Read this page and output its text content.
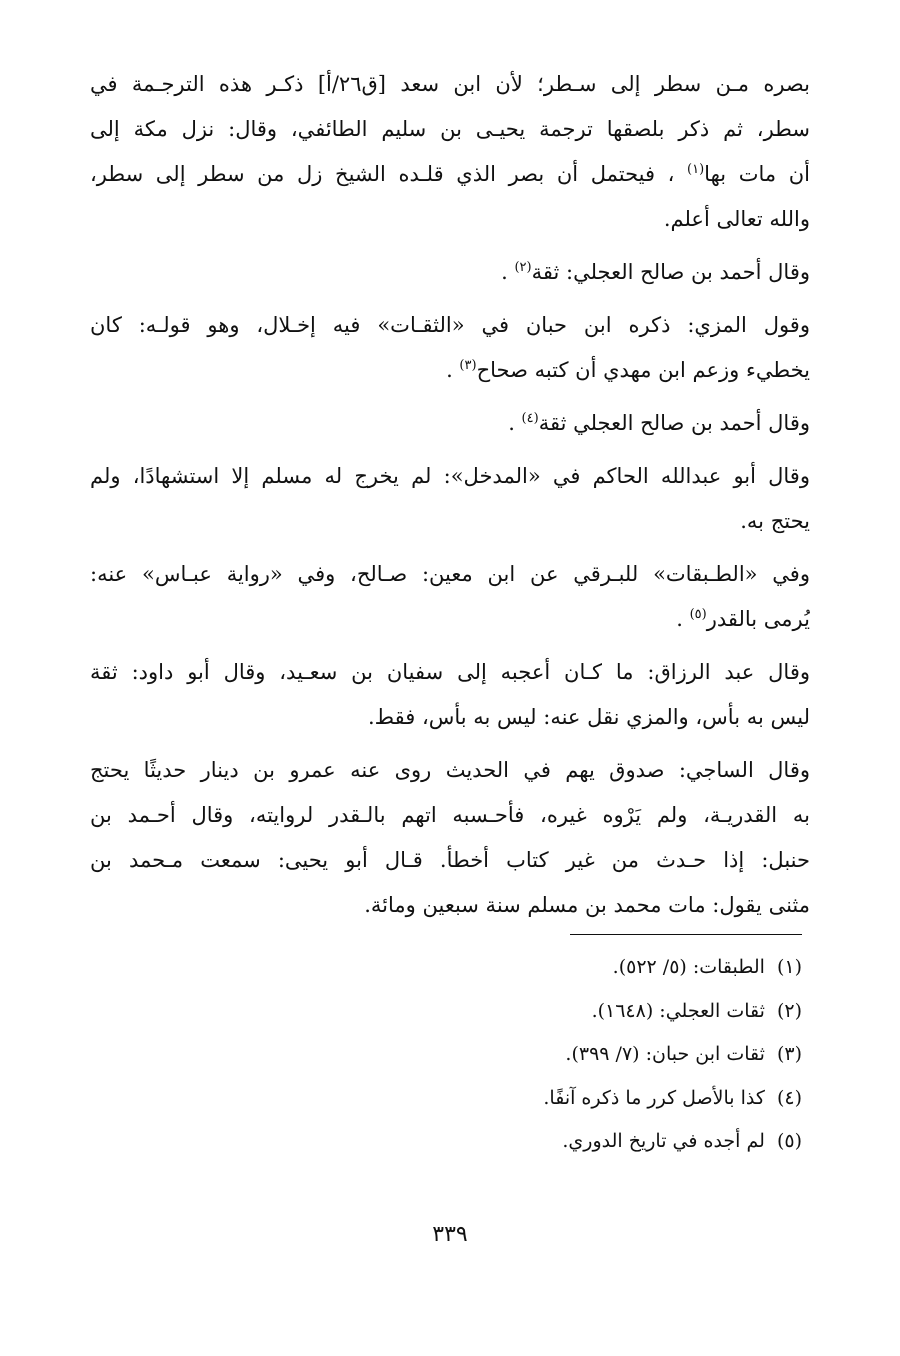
بصره مـن سطر إلى سـطر؛ لأن ابن سعد [ق٢٦/أ] ذكـر هذه الترجـمة في
سطر، ثم ذكر بلصقها ترجمة يحيـى بن سليم الطائفي، وقال: نزل مكة إلى
أن مات بها$^{(١)}$ ، فيحتمل أن بصر الذي قلـده الشيخ زل من سطر إلى سطر،
والله تعالى أعلم.

وقال أحمد بن صالح العجلي: ثقة$^{(٢)}$ .

وقول المزي: ذكره ابن حبان في «الثقـات» فيه إخـلال، وهو قولـه: كان
يخطيء وزعم ابن مهدي أن كتبه صحاح$^{(٣)}$ .

وقال أحمد بن صالح العجلي ثقة$^{(٤)}$ .

وقال أبو عبدالله الحاكم في «المدخل»: لم يخرج له مسلم إلا استشهادًا، ولم
يحتج به.

وفي «الطـبقات» للبـرقي عن ابن معين: صـالح، وفي «رواية عبـاس» عنه:
يُرمى بالقدر$^{(٥)}$ .

وقال عبد الرزاق: ما كـان أعجبه إلى سفيان بن سعـيد، وقال أبو داود: ثقة
ليس به بأس، والمزي نقل عنه: ليس به بأس، فقط.

وقال الساجي: صدوق يهم في الحديث روى عنه عمرو بن دينار حديثًا يحتج
به القدريـة، ولم يَرْوه غيره، فأحـسبه اتهم بالـقدر لروايته، وقال أحـمد بن
حنبل: إذا حـدث من غير كتاب أخطأ. قـال أبو يحيى: سمعت مـحمد بن
مثنى يقول: مات محمد بن مسلم سنة سبعين ومائة.

(١)الطبقات: (٥/ ٥٢٢).
(٢)ثقات العجلي: (١٦٤٨).
(٣)ثقات ابن حبان: (٧/ ٣٩٩).
(٤)كذا بالأصل كرر ما ذكره آنفًا.
(٥)لم أجده في تاريخ الدوري.
٣٣٩
